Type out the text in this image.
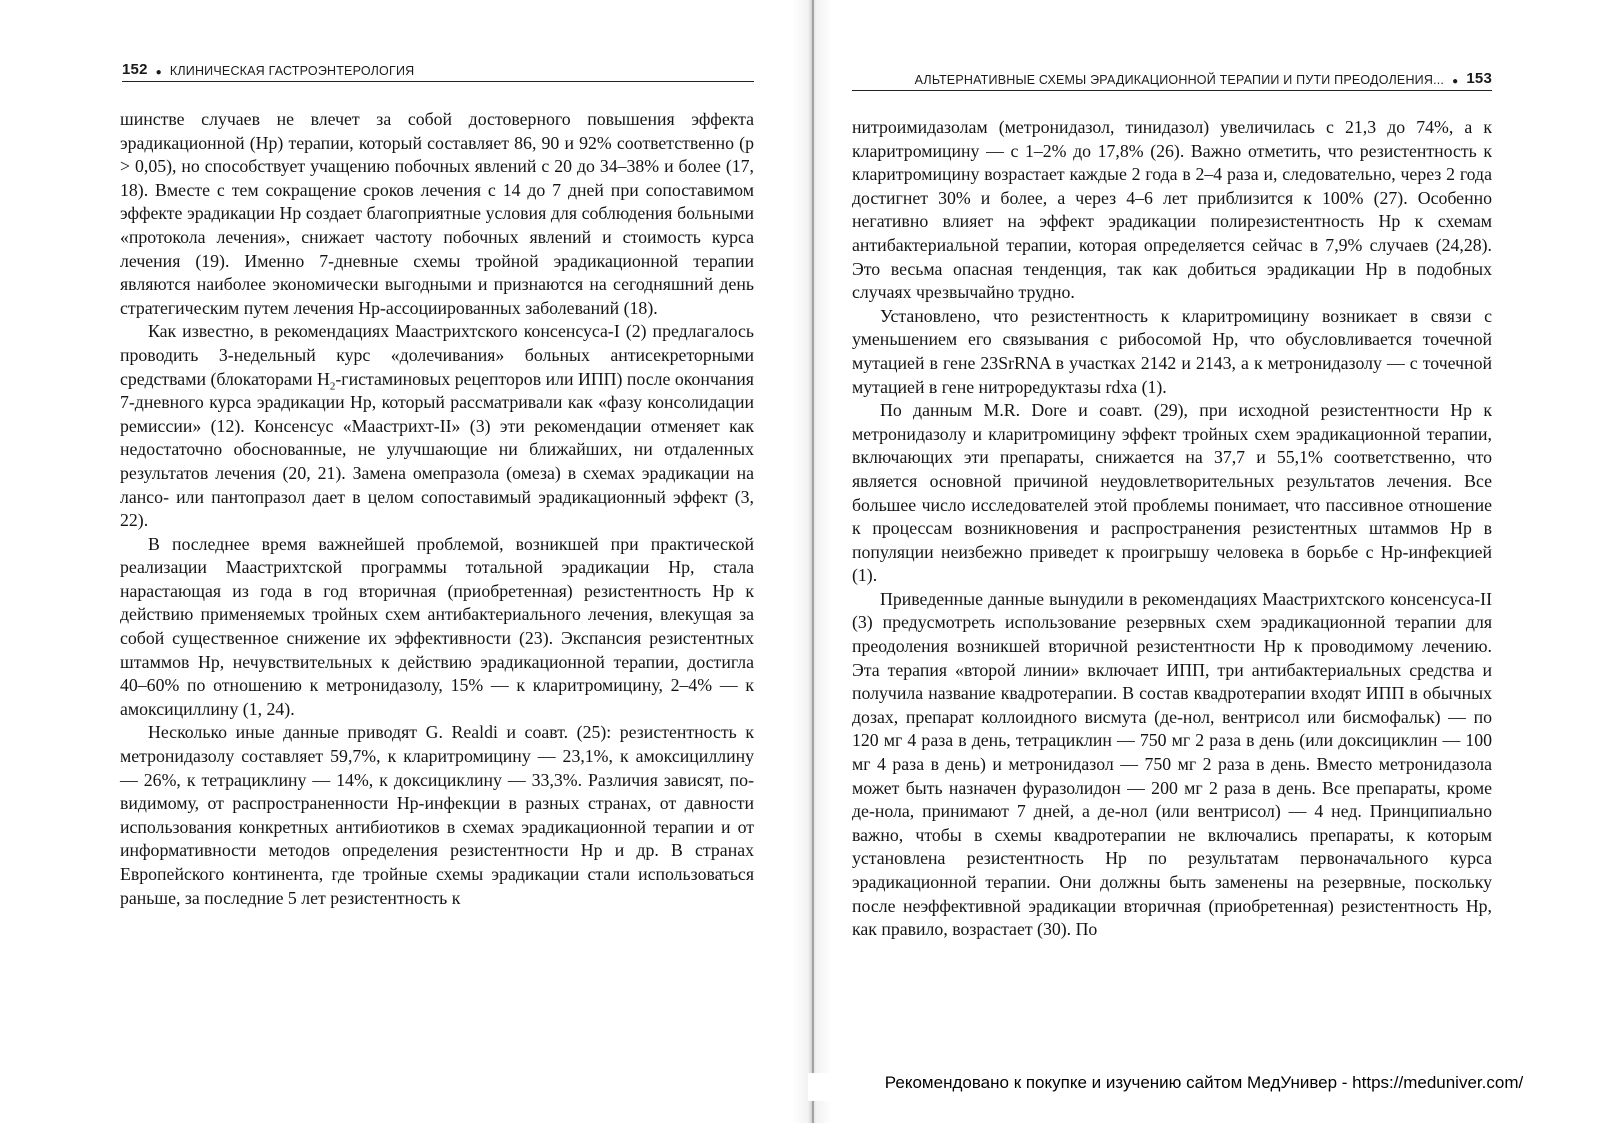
152 ● КЛИНИЧЕСКАЯ ГАСТРОЭНТЕРОЛОГИЯ

шинстве случаев не влечет за собой достоверного повышения эффекта эрадикационной (Нр) терапии, который составляет 86, 90 и 92% соответственно (р > 0,05), но способствует учащению побочных явлений с 20 до 34–38% и более (17, 18). Вместе с тем сокращение сроков лечения с 14 до 7 дней при сопоставимом эффекте эрадикации Нр создает благоприятные условия для соблюдения больными «протокола лечения», снижает частоту побочных явлений и стоимость курса лечения (19). Именно 7-дневные схемы тройной эрадикационной терапии являются наиболее экономически выгодными и признаются на сегодняшний день стратегическим путем лечения Нр-ассоциированных заболеваний (18).

Как известно, в рекомендациях Маастрихтского консенсуса-I (2) предлагалось проводить 3-недельный курс «долечивания» больных антисекреторными средствами (блокаторами $Н_2$-гистаминовых рецепторов или ИПП) после окончания 7-дневного курса эрадикации Нр, который рассматривали как «фазу консолидации ремиссии» (12). Консенсус «Маастрихт-II» (3) эти рекомендации отменяет как недостаточно обоснованные, не улучшающие ни ближайших, ни отдаленных результатов лечения (20, 21). Замена омепразола (омеза) в схемах эрадикации на лансо- или пантопразол дает в целом сопоставимый эрадикационный эффект (3, 22).

В последнее время важнейшей проблемой, возникшей при практической реализации Маастрихтской программы тотальной эрадикации Нр, стала нарастающая из года в год вторичная (приобретенная) резистентность Нр к действию применяемых тройных схем антибактериального лечения, влекущая за собой существенное снижение их эффективности (23). Экспансия резистентных штаммов Нр, нечувствительных к действию эрадикационной терапии, достигла 40–60% по отношению к метронидазолу, 15% — к кларитромицину, 2–4% — к амоксициллину (1, 24).

Несколько иные данные приводят G. Realdi и соавт. (25): резистентность к метронидазолу составляет 59,7%, к кларитромицину — 23,1%, к амоксициллину — 26%, к тетрациклину — 14%, к доксициклину — 33,3%. Различия зависят, по-видимому, от распространенности Нр-инфекции в разных странах, от давности использования конкретных антибиотиков в схемах эрадикационной терапии и от информативности методов определения резистентности Нр и др. В странах Европейского континента, где тройные схемы эрадикации стали использоваться раньше, за последние 5 лет резистентность к

АЛЬТЕРНАТИВНЫЕ СХЕМЫ ЭРАДИКАЦИОННОЙ ТЕРАПИИ И ПУТИ ПРЕОДОЛЕНИЯ... ● 153

нитроимидазолам (метронидазол, тинидазол) увеличилась с 21,3 до 74%, а к кларитромицину — с 1–2% до 17,8% (26). Важно отметить, что резистентность к кларитромицину возрастает каждые 2 года в 2–4 раза и, следовательно, через 2 года достигнет 30% и более, а через 4–6 лет приблизится к 100% (27). Особенно негативно влияет на эффект эрадикации полирезистентность Нр к схемам антибактериальной терапии, которая определяется сейчас в 7,9% случаев (24,28). Это весьма опасная тенденция, так как добиться эрадикации Нр в подобных случаях чрезвычайно трудно.

Установлено, что резистентность к кларитромицину возникает в связи с уменьшением его связывания с рибосомой Нр, что обусловливается точечной мутацией в гене 23SrRNA в участках 2142 и 2143, а к метронидазолу — с точечной мутацией в гене нитроредуктазы rdxa (1).

По данным M.R. Dore и соавт. (29), при исходной резистентности Нр к метронидазолу и кларитромицину эффект тройных схем эрадикационной терапии, включающих эти препараты, снижается на 37,7 и 55,1% соответственно, что является основной причиной неудовлетворительных результатов лечения. Все большее число исследователей этой проблемы понимает, что пассивное отношение к процессам возникновения и распространения резистентных штаммов Нр в популяции неизбежно приведет к проигрышу человека в борьбе с Нр-инфекцией (1).

Приведенные данные вынудили в рекомендациях Маастрихтского консенсуса-II (3) предусмотреть использование резервных схем эрадикационной терапии для преодоления возникшей вторичной резистентности Нр к проводимому лечению. Эта терапия «второй линии» включает ИПП, три антибактериальных средства и получила название квадротерапии. В состав квадротерапии входят ИПП в обычных дозах, препарат коллоидного висмута (де-нол, вентрисол или бисмофальк) — по 120 мг 4 раза в день, тетрациклин — 750 мг 2 раза в день (или доксициклин — 100 мг 4 раза в день) и метронидазол — 750 мг 2 раза в день. Вместо метронидазола может быть назначен фуразолидон — 200 мг 2 раза в день. Все препараты, кроме де-нола, принимают 7 дней, а де-нол (или вентрисол) — 4 нед. Принципиально важно, чтобы в схемы квадротерапии не включались препараты, к которым установлена резистентность Нр по результатам первоначального курса эрадикационной терапии. Они должны быть заменены на резервные, поскольку после неэффективной эрадикации вторичная (приобретенная) резистентность Нр, как правило, возрастает (30). По

Рекомендовано к покупке и изучению сайтом МедУнивер - https://meduniver.com/
